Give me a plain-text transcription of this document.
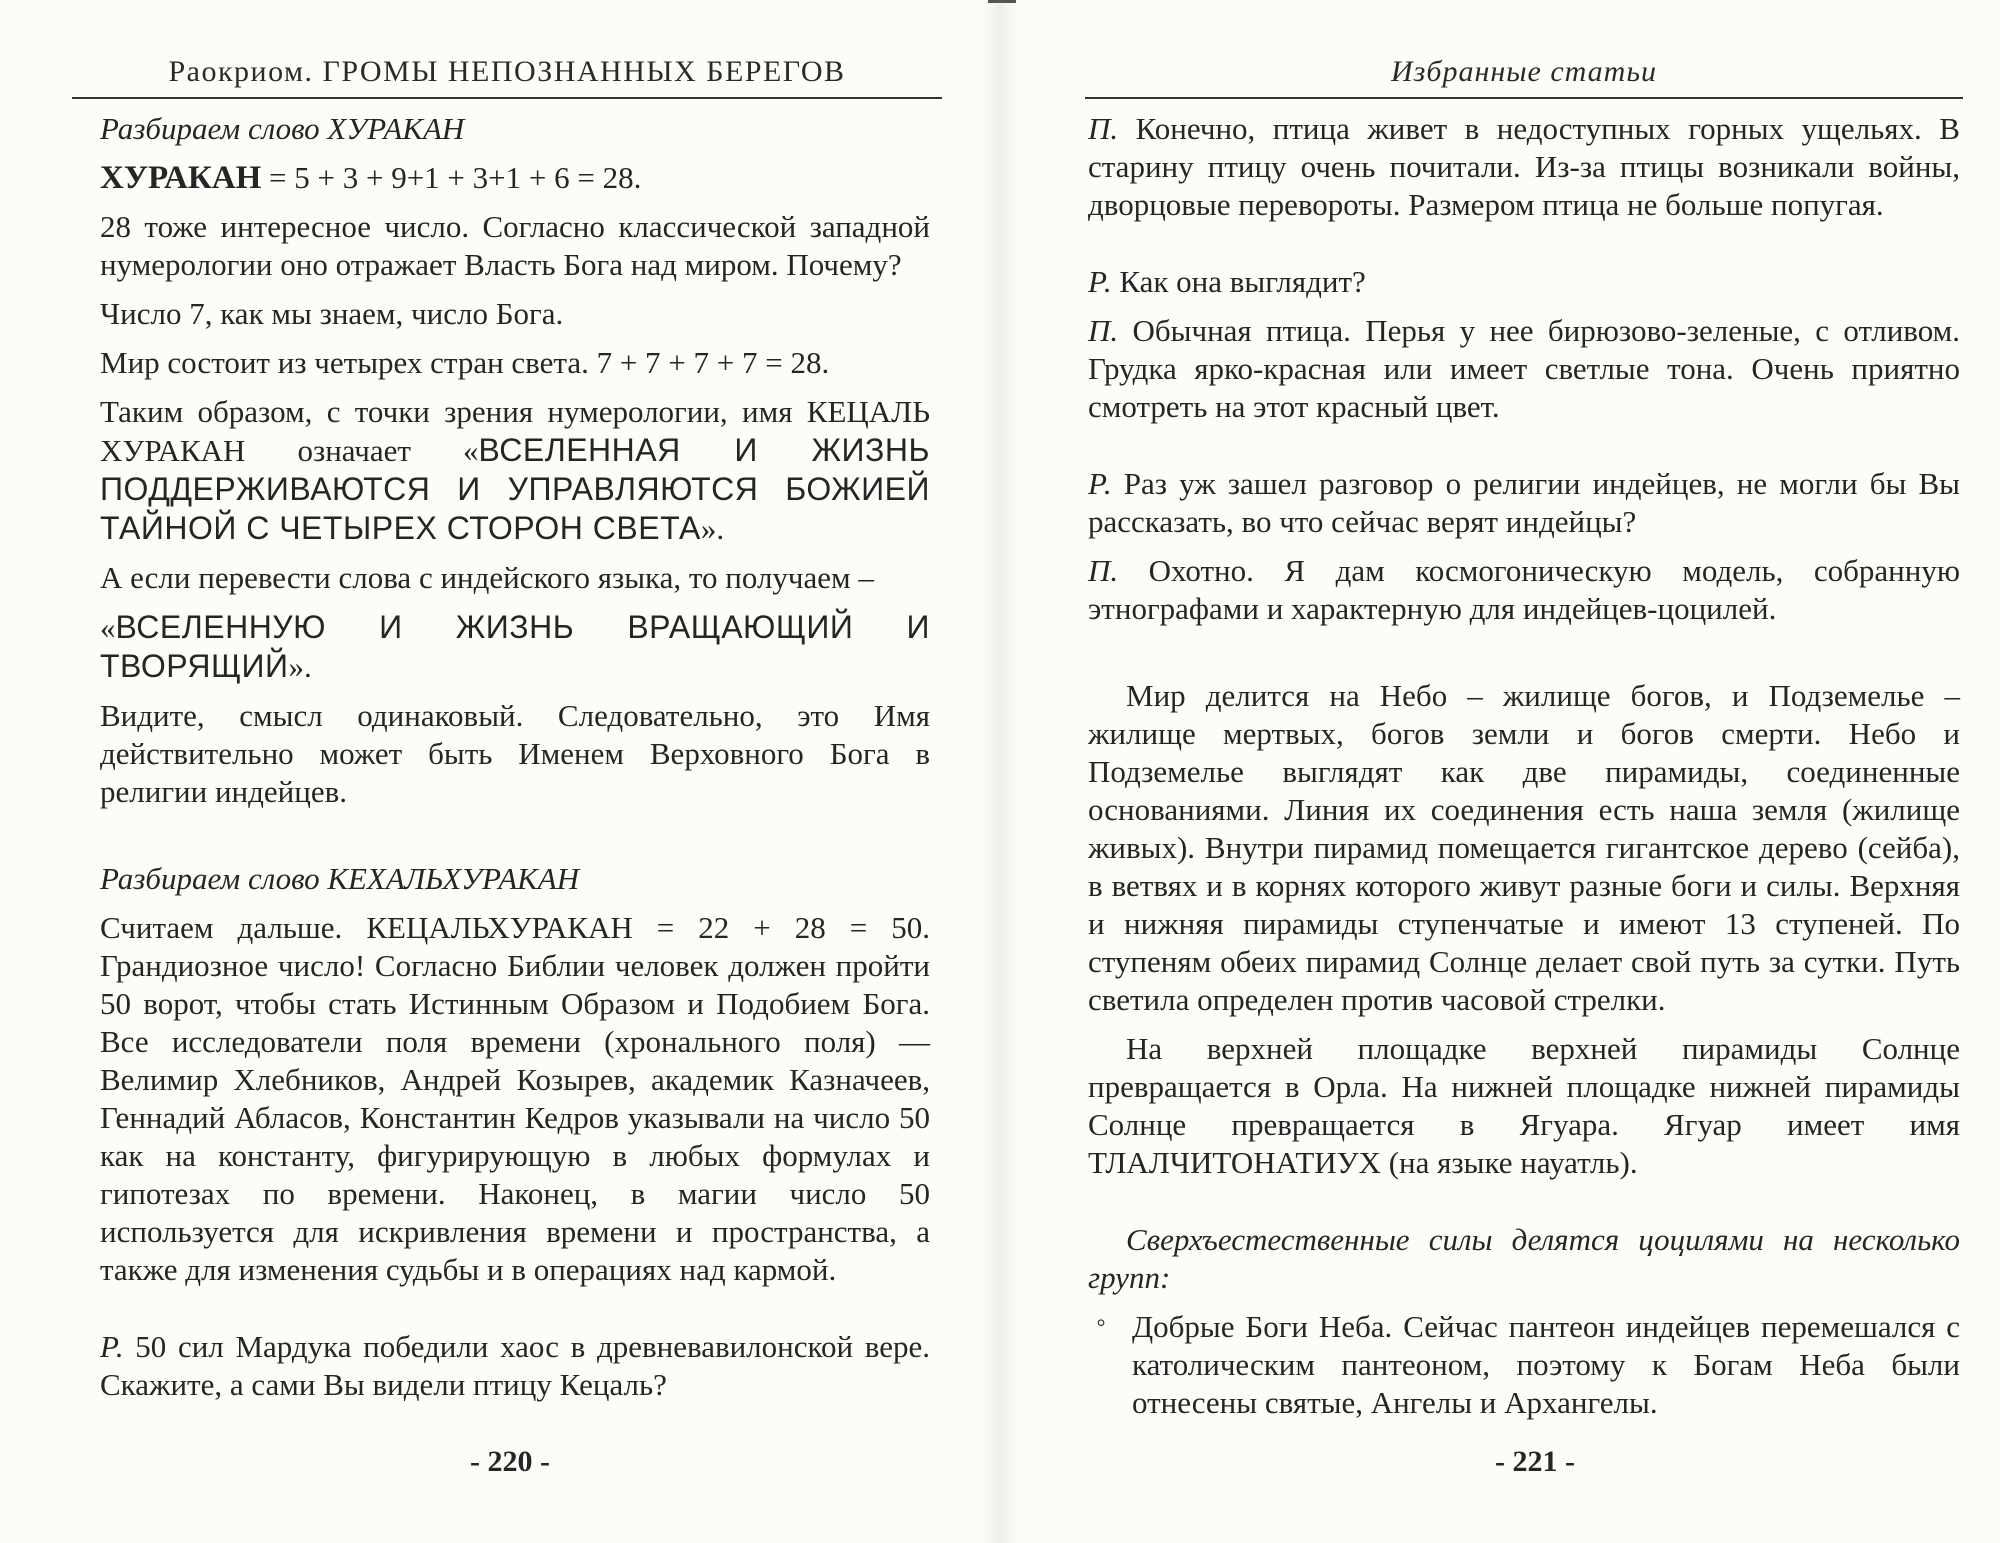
Раокриом. ГРОМЫ НЕПОЗНАННЫХ БЕРЕГОВ

Разбираем слово ХУРАКАН

ХУРАКАН = 5 + 3 + 9+1 + 3+1 + 6 = 28.

28 тоже интересное число. Согласно классической западной нумерологии оно отражает Власть Бога над миром. Почему?

Число 7, как мы знаем, число Бога.

Мир состоит из четырех стран света. 7 + 7 + 7 + 7 = 28.

Таким образом, с точки зрения нумерологии, имя КЕЦАЛЬ ХУРАКАН означает «ВСЕЛЕННАЯ И ЖИЗНЬ ПОДДЕРЖИВАЮТСЯ И УПРАВЛЯЮТСЯ БОЖИЕЙ ТАЙНОЙ С ЧЕТЫРЕХ СТОРОН СВЕТА».

А если перевести слова с индейского языка, то получаем –

«ВСЕЛЕННУЮ И ЖИЗНЬ ВРАЩАЮЩИЙ И ТВОРЯЩИЙ».

Видите, смысл одинаковый. Следовательно, это Имя действительно может быть Именем Верховного Бога в религии индейцев.

Разбираем слово КЕХАЛЬХУРАКАН

Считаем дальше. КЕЦАЛЬХУРАКАН = 22 + 28 = 50. Грандиозное число! Согласно Библии человек должен пройти 50 ворот, чтобы стать Истинным Образом и Подобием Бога. Все исследователи поля времени (хронального поля) — Велимир Хлебников, Андрей Козырев, академик Казначеев, Геннадий Абласов, Константин Кедров указывали на число 50 как на константу, фигурирующую в любых формулах и гипотезах по времени. Наконец, в магии число 50 используется для искривления времени и пространства, а также для изменения судьбы и в операциях над кармой.

Р. 50 сил Мардука победили хаос в древневавилонской вере. Скажите, а сами Вы видели птицу Кецаль?

- 220 -
Избранные статьи

П. Конечно, птица живет в недоступных горных ущельях. В старину птицу очень почитали. Из-за птицы возникали войны, дворцовые перевороты. Размером птица не больше попугая.

Р. Как она выглядит?

П. Обычная птица. Перья у нее бирюзово-зеленые, с отливом. Грудка ярко-красная или имеет светлые тона. Очень приятно смотреть на этот красный цвет.

Р. Раз уж зашел разговор о религии индейцев, не могли бы Вы рассказать, во что сейчас верят индейцы?

П. Охотно. Я дам космогоническую модель, собранную этнографами и характерную для индейцев-цоцилей.

Мир делится на Небо – жилище богов, и Подземелье – жилище мертвых, богов земли и богов смерти. Небо и Подземелье выглядят как две пирамиды, соединенные основаниями. Линия их соединения есть наша земля (жилище живых). Внутри пирамид помещается гигантское дерево (сейба), в ветвях и в корнях которого живут разные боги и силы. Верхняя и нижняя пирамиды ступенчатые и имеют 13 ступеней. По ступеням обеих пирамид Солнце делает свой путь за сутки. Путь светила определен против часовой стрелки.

На верхней площадке верхней пирамиды Солнце превращается в Орла. На нижней площадке нижней пирамиды Солнце превращается в Ягуара. Ягуар имеет имя ТЛАЛЧИТОНАТИУХ (на языке науатль).

Сверхъестественные силы делятся цоцилями на несколько групп:

° Добрые Боги Неба. Сейчас пантеон индейцев перемешался с католическим пантеоном, поэтому к Богам Неба были отнесены святые, Ангелы и Архангелы.
- 221 -
